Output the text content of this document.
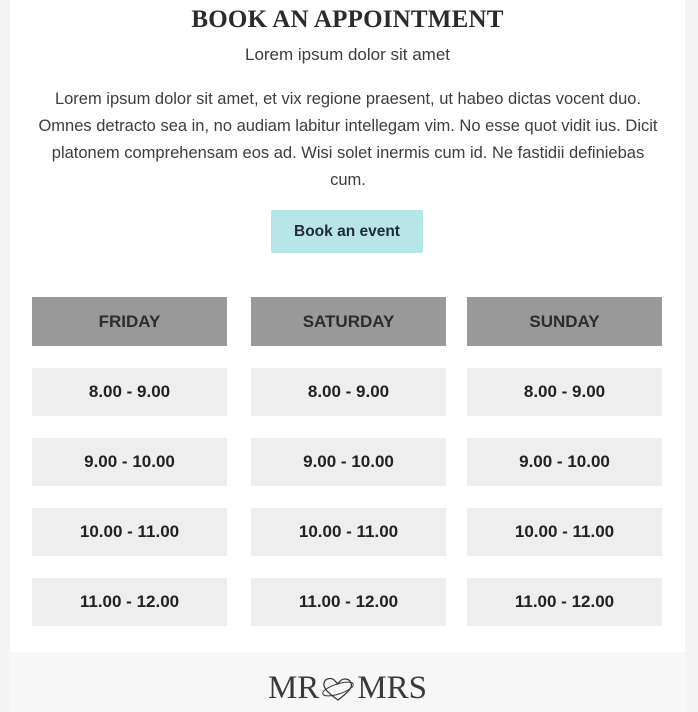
BOOK AN APPOINTMENT
Lorem ipsum dolor sit amet
Lorem ipsum dolor sit amet, et vix regione praesent, ut habeo dictas vocent duo. Omnes detracto sea in, no audiam labitur intellegam vim. No esse quot vidit ius. Dicit platonem comprehensam eos ad. Wisi solet inermis cum id. Ne fastidii definiebas cum.
Book an event
FRIDAY
8.00 - 9.00
9.00 - 10.00
10.00 - 11.00
11.00 - 12.00
SATURDAY
8.00 - 9.00
9.00 - 10.00
10.00 - 11.00
11.00 - 12.00
SUNDAY
8.00 - 9.00
9.00 - 10.00
10.00 - 11.00
11.00 - 12.00
MR MRS
